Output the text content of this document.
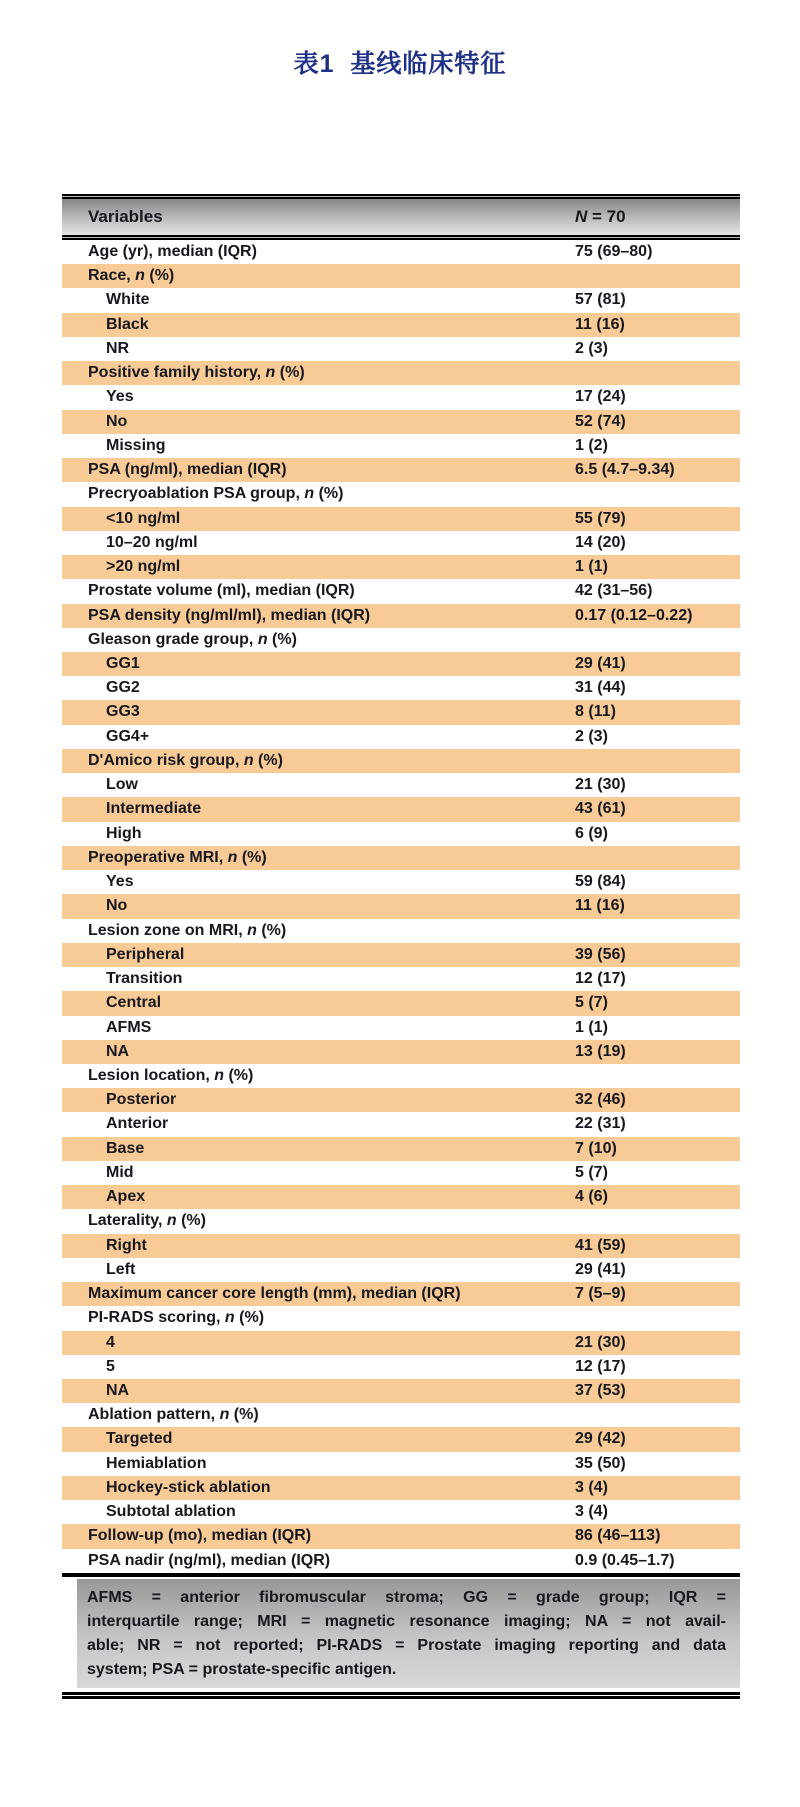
表1  基线临床特征
Variables	N = 70
Age (yr), median (IQR)	75 (69–80)
Race, n (%)
White	57 (81)
Black	11 (16)
NR	2 (3)
Positive family history, n (%)
Yes	17 (24)
No	52 (74)
Missing	1 (2)
PSA (ng/ml), median (IQR)	6.5 (4.7–9.34)
Precryoablation PSA group, n (%)
<10 ng/ml	55 (79)
10–20 ng/ml	14 (20)
>20 ng/ml	1 (1)
Prostate volume (ml), median (IQR)	42 (31–56)
PSA density (ng/ml/ml), median (IQR)	0.17 (0.12–0.22)
Gleason grade group, n (%)
GG1	29 (41)
GG2	31 (44)
GG3	8 (11)
GG4+	2 (3)
D'Amico risk group, n (%)
Low	21 (30)
Intermediate	43 (61)
High	6 (9)
Preoperative MRI, n (%)
Yes	59 (84)
No	11 (16)
Lesion zone on MRI, n (%)
Peripheral	39 (56)
Transition	12 (17)
Central	5 (7)
AFMS	1 (1)
NA	13 (19)
Lesion location, n (%)
Posterior	32 (46)
Anterior	22 (31)
Base	7 (10)
Mid	5 (7)
Apex	4 (6)
Laterality, n (%)
Right	41 (59)
Left	29 (41)
Maximum cancer core length (mm), median (IQR)	7 (5–9)
PI-RADS scoring, n (%)
4	21 (30)
5	12 (17)
NA	37 (53)
Ablation pattern, n (%)
Targeted	29 (42)
Hemiablation	35 (50)
Hockey-stick ablation	3 (4)
Subtotal ablation	3 (4)
Follow-up (mo), median (IQR)	86 (46–113)
PSA nadir (ng/ml), median (IQR)	0.9 (0.45–1.7)
AFMS = anterior fibromuscular stroma; GG = grade group; IQR =
interquartile range; MRI = magnetic resonance imaging; NA = not avail-
able; NR = not reported; PI-RADS = Prostate imaging reporting and data
system; PSA = prostate-specific antigen.
